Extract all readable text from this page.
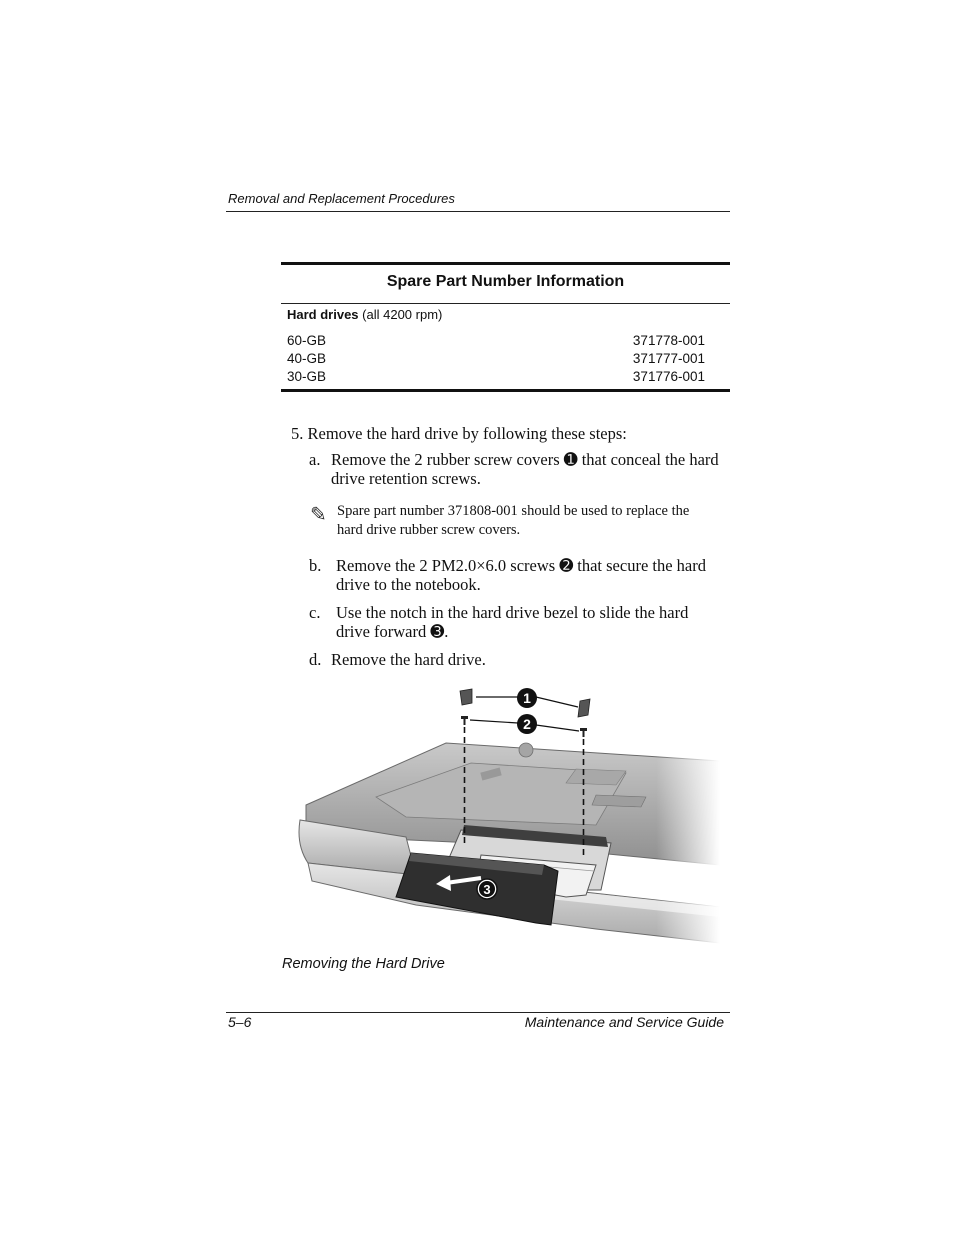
Removal and Replacement Procedures
Spare Part Number Information
Hard drives (all 4200 rpm)
60-GB	371778-001
40-GB	371777-001
30-GB	371776-001
5. Remove the hard drive by following these steps:
a. Remove the 2 rubber screw covers ➊ that conceal the hard drive retention screws.
✎ Spare part number 371808-001 should be used to replace the hard drive rubber screw covers.
b. Remove the 2 PM2.0×6.0 screws ➋ that secure the hard drive to the notebook.
c. Use the notch in the hard drive bezel to slide the hard drive forward ➌.
d. Remove the hard drive.
Removing the Hard Drive
5–6	Maintenance and Service Guide
